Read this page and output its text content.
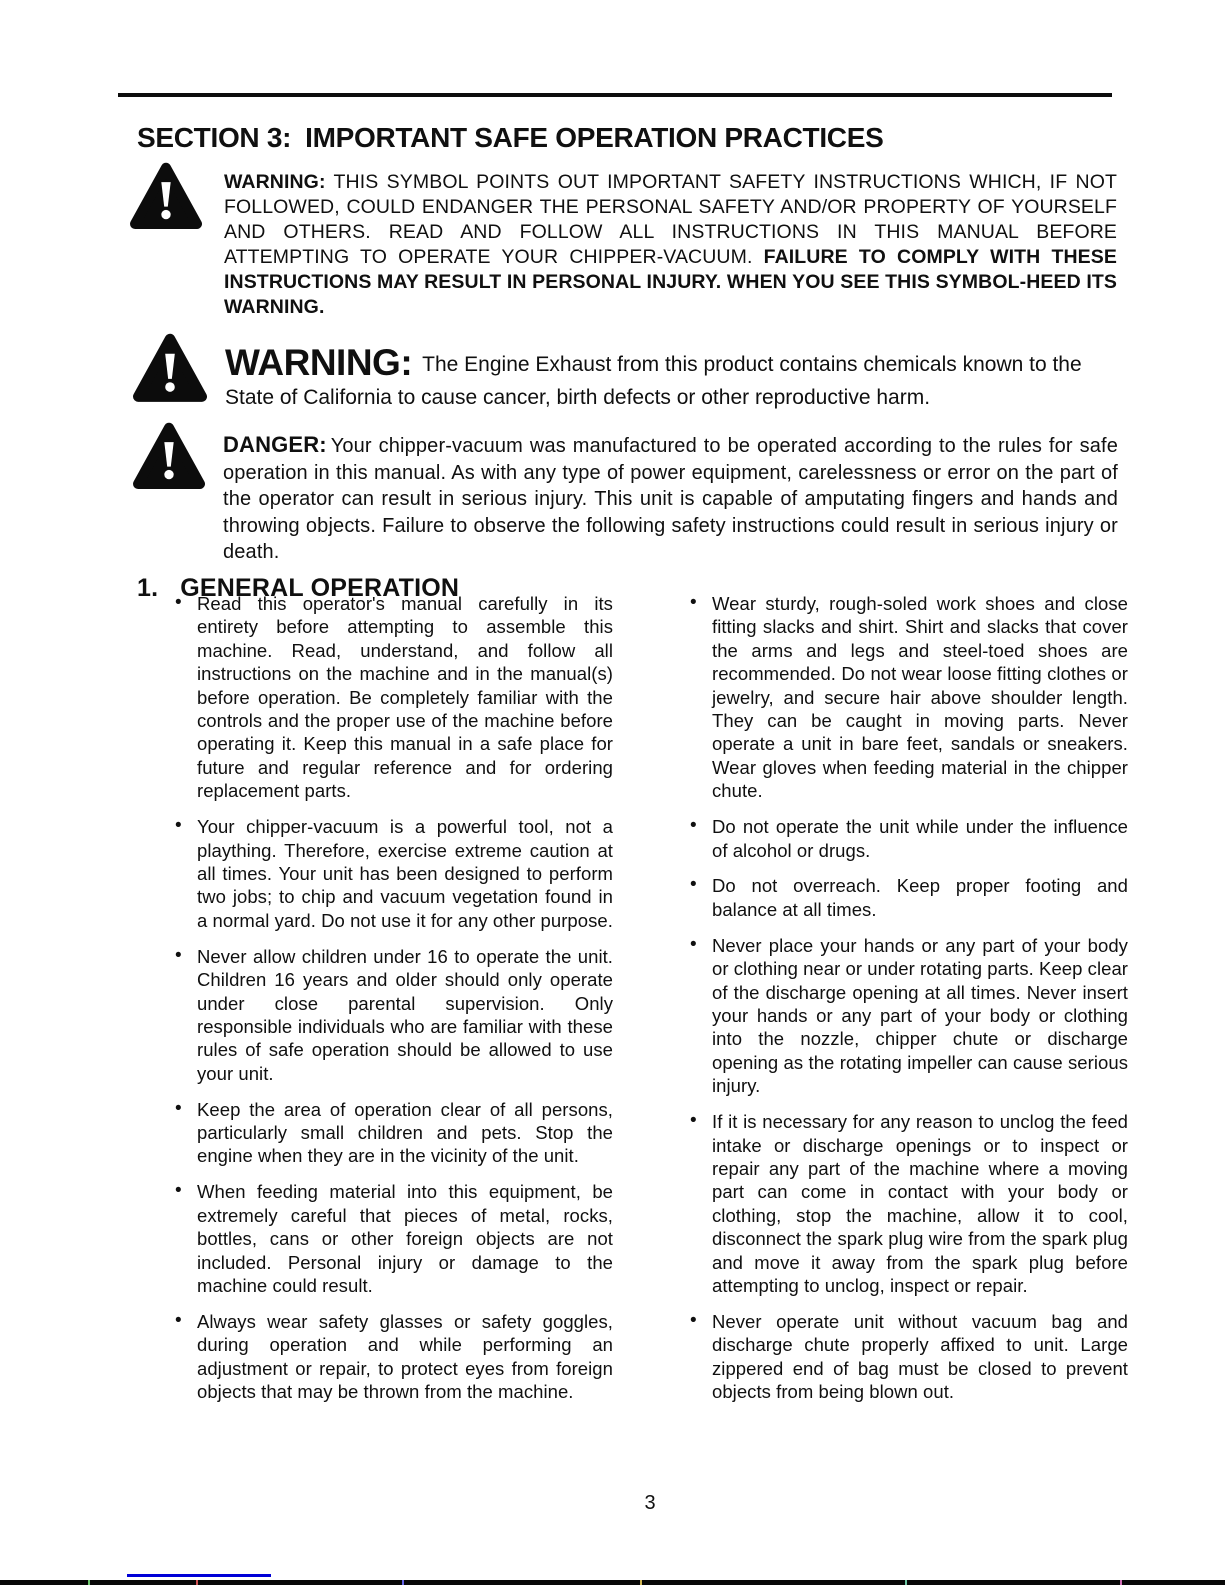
SECTION 3: IMPORTANT SAFE OPERATION PRACTICES

WARNING: THIS SYMBOL POINTS OUT IMPORTANT SAFETY INSTRUCTIONS WHICH, IF NOT FOLLOWED, COULD ENDANGER THE PERSONAL SAFETY AND/OR PROPERTY OF YOURSELF AND OTHERS. READ AND FOLLOW ALL INSTRUCTIONS IN THIS MANUAL BEFORE ATTEMPTING TO OPERATE YOUR CHIPPER-VACUUM. FAILURE TO COMPLY WITH THESE INSTRUCTIONS MAY RESULT IN PERSONAL INJURY. WHEN YOU SEE THIS SYMBOL-HEED ITS WARNING.

WARNING: The Engine Exhaust from this product contains chemicals known to the State of California to cause cancer, birth defects or other reproductive harm.

DANGER: Your chipper-vacuum was manufactured to be operated according to the rules for safe operation in this manual. As with any type of power equipment, carelessness or error on the part of the operator can result in serious injury. This unit is capable of amputating fingers and hands and throwing objects. Failure to observe the following safety instructions could result in serious injury or death.

1. GENERAL OPERATION
• Read this operator's manual carefully in its entirety before attempting to assemble this machine. Read, understand, and follow all instructions on the machine and in the manual(s) before operation. Be completely familiar with the controls and the proper use of the machine before operating it. Keep this manual in a safe place for future and regular reference and for ordering replacement parts.
• Your chipper-vacuum is a powerful tool, not a plaything. Therefore, exercise extreme caution at all times. Your unit has been designed to perform two jobs; to chip and vacuum vegetation found in a normal yard. Do not use it for any other purpose.
• Never allow children under 16 to operate the unit. Children 16 years and older should only operate under close parental supervision. Only responsible individuals who are familiar with these rules of safe operation should be allowed to use your unit.
• Keep the area of operation clear of all persons, particularly small children and pets. Stop the engine when they are in the vicinity of the unit.
• When feeding material into this equipment, be extremely careful that pieces of metal, rocks, bottles, cans or other foreign objects are not included. Personal injury or damage to the machine could result.
• Always wear safety glasses or safety goggles, during operation and while performing an adjustment or repair, to protect eyes from foreign objects that may be thrown from the machine.
• Wear sturdy, rough-soled work shoes and close fitting slacks and shirt. Shirt and slacks that cover the arms and legs and steel-toed shoes are recommended. Do not wear loose fitting clothes or jewelry, and secure hair above shoulder length. They can be caught in moving parts. Never operate a unit in bare feet, sandals or sneakers. Wear gloves when feeding material in the chipper chute.
• Do not operate the unit while under the influence of alcohol or drugs.
• Do not overreach. Keep proper footing and balance at all times.
• Never place your hands or any part of your body or clothing near or under rotating parts. Keep clear of the discharge opening at all times. Never insert your hands or any part of your body or clothing into the nozzle, chipper chute or discharge opening as the rotating impeller can cause serious injury.
• If it is necessary for any reason to unclog the feed intake or discharge openings or to inspect or repair any part of the machine where a moving part can come in contact with your body or clothing, stop the machine, allow it to cool, disconnect the spark plug wire from the spark plug and move it away from the spark plug before attempting to unclog, inspect or repair.
• Never operate unit without vacuum bag and discharge chute properly affixed to unit. Large zippered end of bag must be closed to prevent objects from being blown out.
3
